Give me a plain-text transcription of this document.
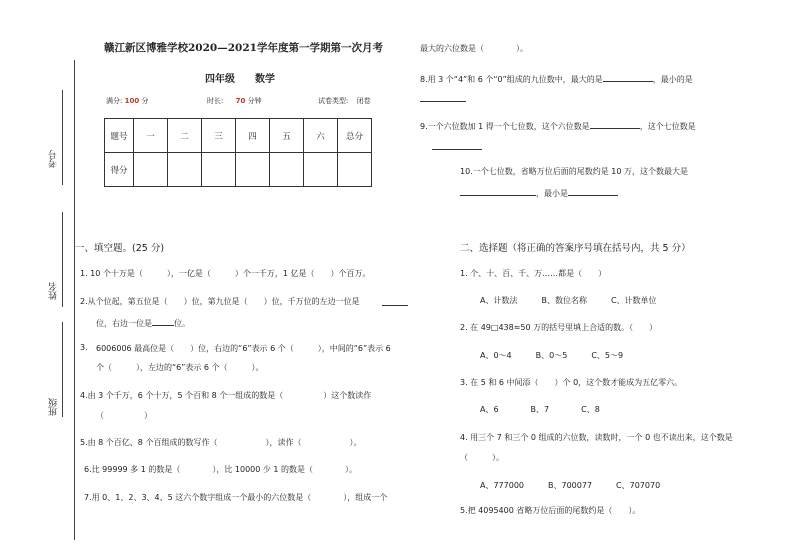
考号
姓名
班级
赣江新区博雅学校2020—2021学年度第一学期第一次月考
四年级　　数学
满分: 100 分	时长: 70 分钟	试卷类型: 闭卷
题号	一	二	三	四	五	六	总分
得分							
一、填空题。(25 分)
1. 10 个十万是（　　　），一亿是（　　　）个一千万，1 亿是（　　）个百万。
2.从个位起，第五位是（　　）位，第九位是（　　）位，千万位的左边一位是
位，右边一位是	位。
3. 6006006 最高位是（　　）位，右边的“6”表示 6 个（　　　），中间的“6”表示 6
个（　　　），左边的“6”表示 6 个（　　　）。
4.由 3 个千万，6 个十万，5 个百和 8 个一组成的数是（　　　　　）这个数读作
（　　　　　）
5.由 8 个百亿、8 个百组成的数写作（　　　　　　），读作（　　　　　　）。
6.比 99999 多 1 的数是（　　　　），比 10000 少 1 的数是（　　　　）。
7.用 0、1、2、3、4、5 这六个数字组成一个最小的六位数是（　　　　），组成一个
最大的六位数是（　　　　）。
8.用 3 个“4”和 6 个“0”组成的九位数中，最大的是	，最小的是
9.一个六位数加 1 得一个七位数，这个六位数是	，这个七位数是
10.一个七位数，省略万位后面的尾数约是 10 万，这个数最大是
，最小是
二、选择题（将正确的答案序号填在括号内，共 5 分）
1. 个、十、百、千、万……都是（　　）
A、计数法　　　B、数位名称　　　C、计数单位
2. 在 49□438≈50 万的括号里填上合适的数。（　　）
A、0～4　　　B、0～5　　　C、5～9
3. 在 5 和 6 中间添（　　）个 0，这个数才能成为五亿零六。
A、6　　　　B、7　　　　C、8
4. 用三个 7 和三个 0 组成的六位数，读数时，一个 0 也不读出来，这个数是
（　　　）。
A、777000　　　B、700077　　　C、707070
5.把 4095400 省略万位后面的尾数约是（　　）。
